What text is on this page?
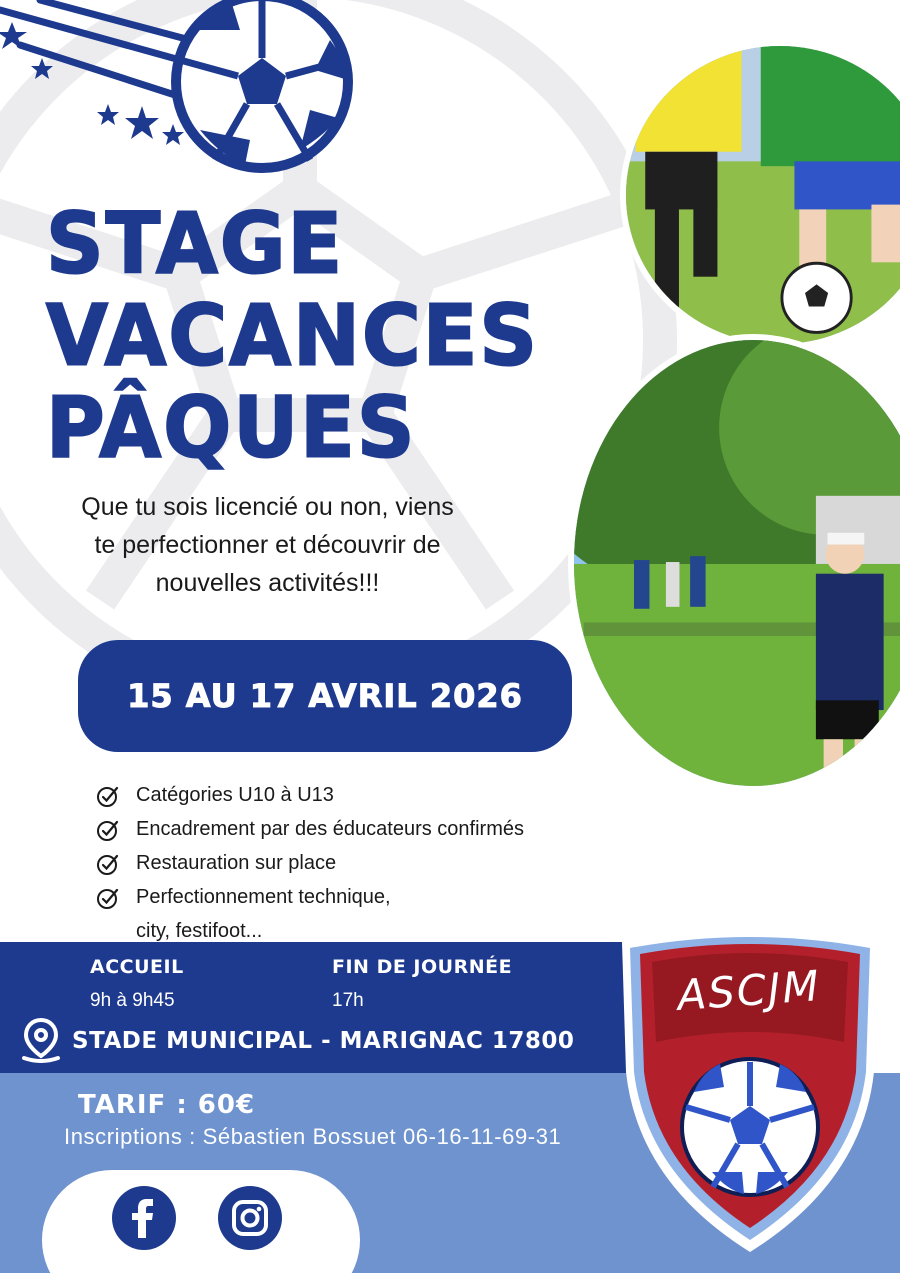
STAGE
VACANCES
PÂQUES
Que tu sois licencié ou non, viens
te perfectionner et découvrir de
nouvelles activités!!!
15 AU 17 AVRIL 2026
Catégories U10 à U13
Encadrement par des éducateurs confirmés
Restauration sur place
Perfectionnement technique,
city, festifoot...
ACCUEIL
9h à 9h45
FIN DE JOURNÉE
17h
STADE MUNICIPAL - MARIGNAC 17800
TARIF : 60€
Inscriptions : Sébastien Bossuet 06-16-11-69-31
ASCJM
